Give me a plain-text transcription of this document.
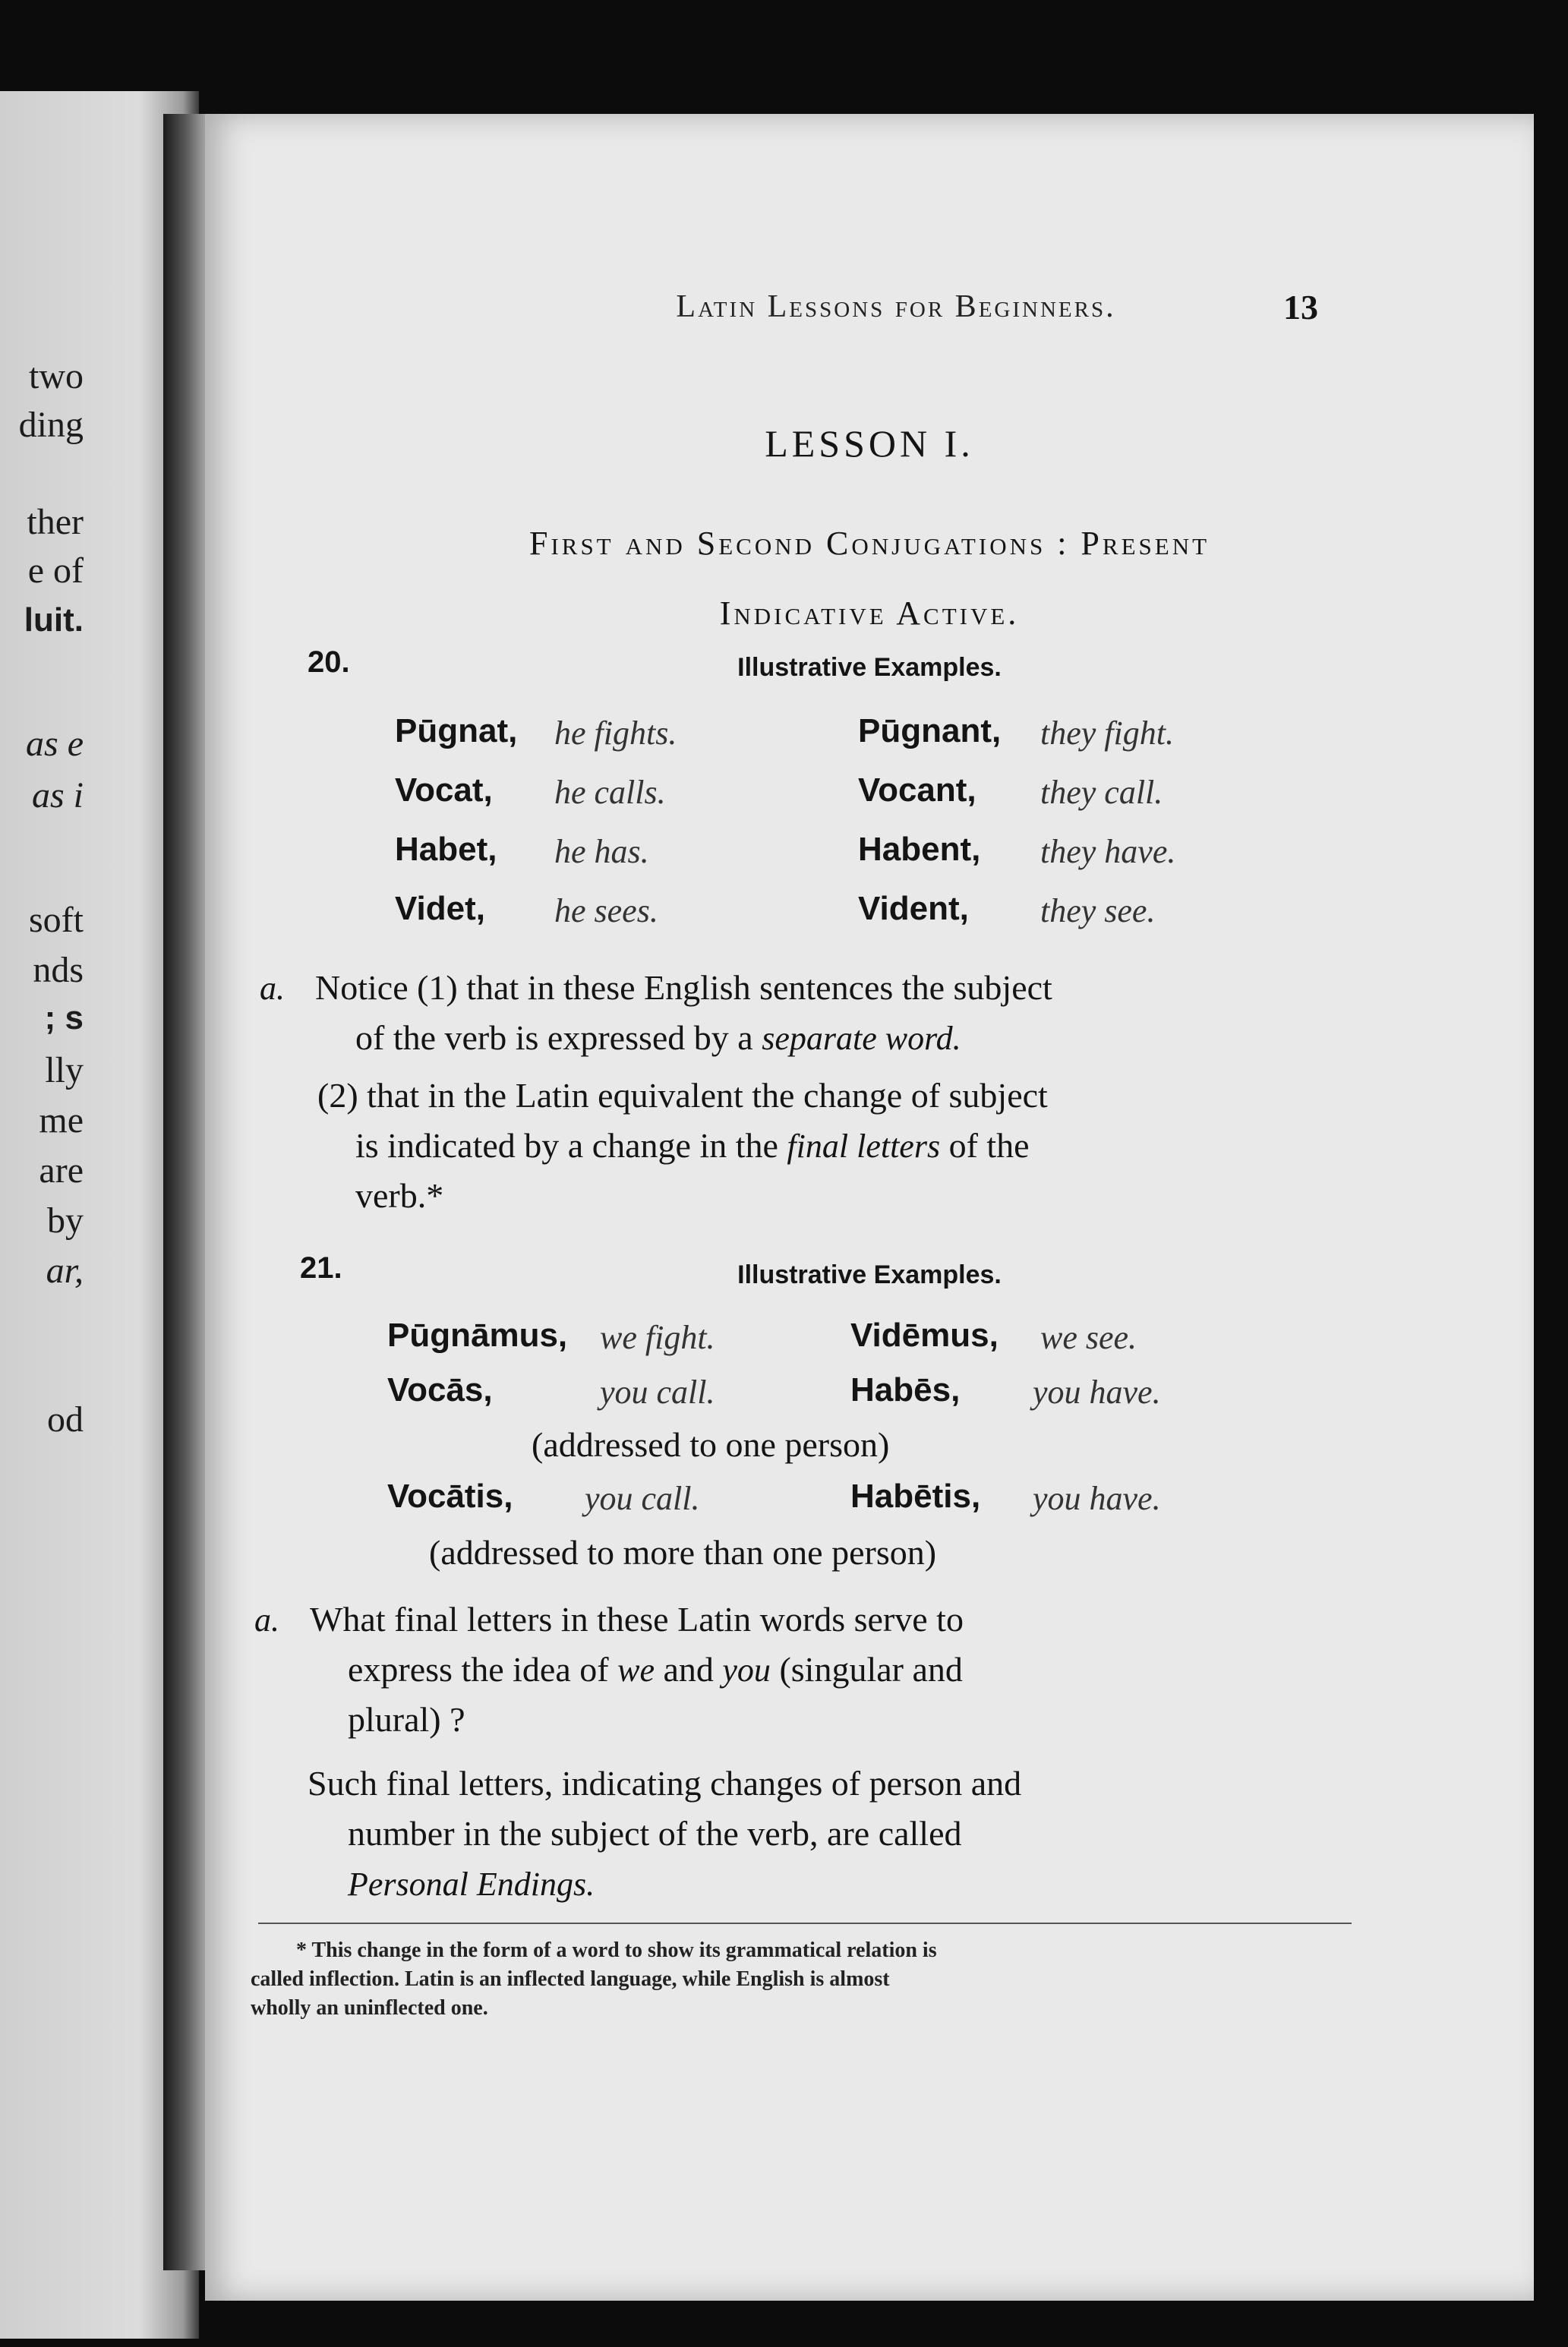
two
ding
ther
e of
luit.
as e
as i
soft
nds
; s
lly
me
are
by
ar,
od
Latin Lessons for Beginners.	13
LESSON I.
First and Second Conjugations : Present
Indicative Active.
20.	Illustrative Examples.
Pūgnat, he fights.	Pūgnant, they fight.
Vocat, he calls.	Vocant, they call.
Habet, he has.	Habent, they have.
Videt, he sees.	Vident, they see.
a. Notice (1) that in these English sentences the subject
of the verb is expressed by a separate word.
(2) that in the Latin equivalent the change of subject
is indicated by a change in the final letters of the
verb.*
21.	Illustrative Examples.
Pūgnāmus, we fight.	Vidēmus, we see.
Vocās,	you call.	Habēs, you have.
(addressed to one person)
Vocātis, you call.	Habētis, you have.
(addressed to more than one person)
a. What final letters in these Latin words serve to
express the idea of we and you (singular and
plural) ?
Such final letters, indicating changes of person and
number in the subject of the verb, are called
Personal Endings.
* This change in the form of a word to show its grammatical relation is
called inflection. Latin is an inflected language, while English is almost
wholly an uninflected one.
